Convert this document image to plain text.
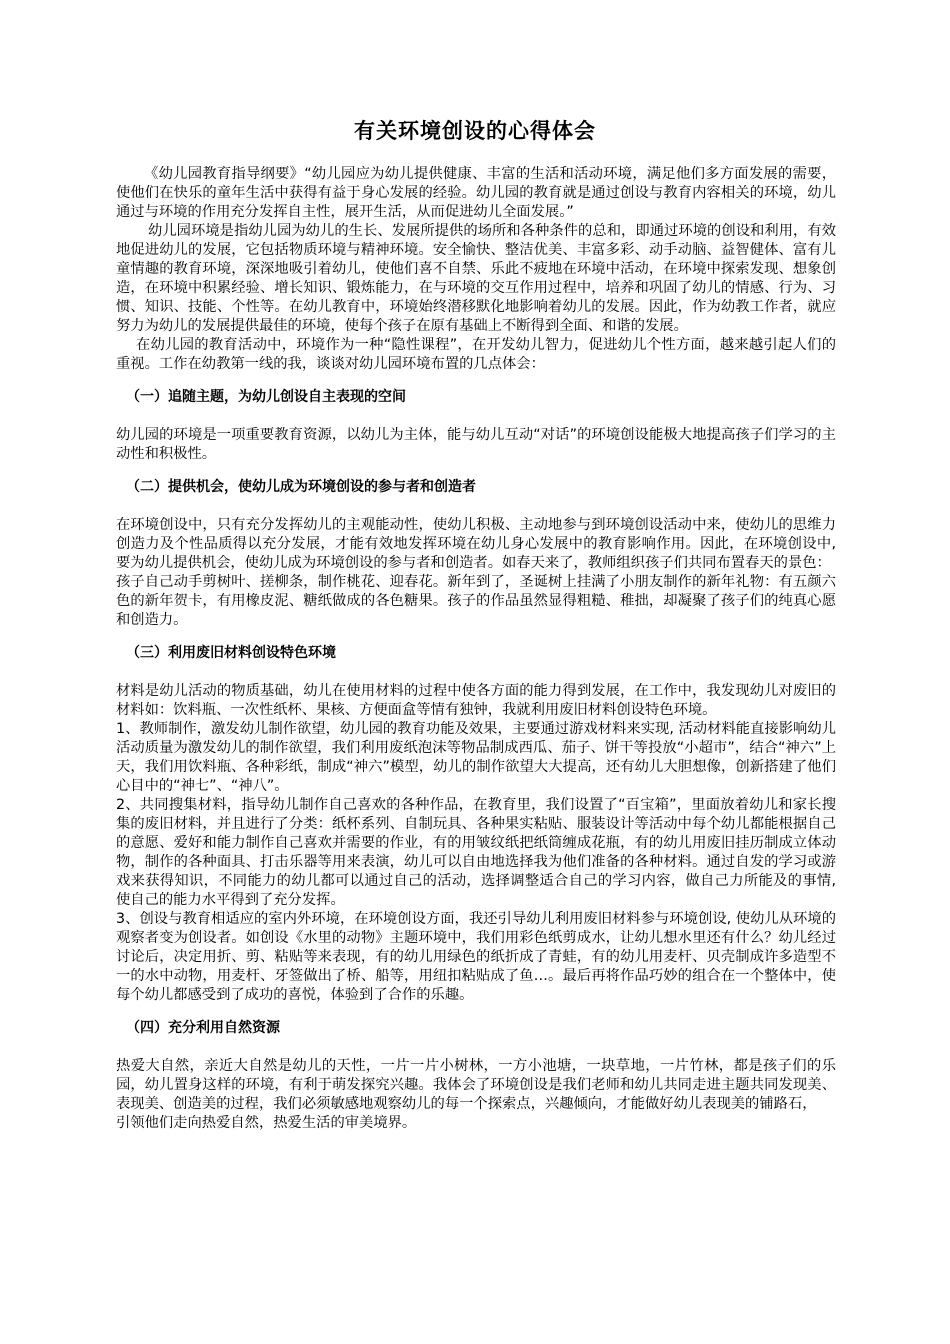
有关环境创设的心得体会

《幼儿园教育指导纲要》“幼儿园应为幼儿提供健康、丰富的生活和活动环境，满足他们多方面发展的需要，使他们在快乐的童年生活中获得有益于身心发展的经验。幼儿园的教育就是通过创设与教育内容相关的环境，幼儿通过与环境的作用充分发挥自主性，展开生活，从而促进幼儿全面发展。”

幼儿园环境是指幼儿园为幼儿的生长、发展所提供的场所和各种条件的总和，即通过环境的创设和利用，有效地促进幼儿的发展，它包括物质环境与精神环境。安全愉快、整洁优美、丰富多彩、动手动脑、益智健体、富有儿童情趣的教育环境，深深地吸引着幼儿，使他们喜不自禁、乐此不疲地在环境中活动，在环境中探索发现、想象创造，在环境中积累经验、增长知识、锻炼能力，在与环境的交互作用过程中，培养和巩固了幼儿的情感、行为、习惯、知识、技能、个性等。在幼儿教育中，环境始终潜移默化地影响着幼儿的发展。因此，作为幼教工作者，就应努力为幼儿的发展提供最佳的环境，使每个孩子在原有基础上不断得到全面、和谐的发展。

在幼儿园的教育活动中，环境作为一种“隐性课程”，在开发幼儿智力，促进幼儿个性方面，越来越引起人们的重视。工作在幼教第一线的我，谈谈对幼儿园环境布置的几点体会：

（一）追随主题，为幼儿创设自主表现的空间

幼儿园的环境是一项重要教育资源，以幼儿为主体，能与幼儿互动“对话”的环境创设能极大地提高孩子们学习的主动性和积极性。

（二）提供机会，使幼儿成为环境创设的参与者和创造者

在环境创设中，只有充分发挥幼儿的主观能动性，使幼儿积极、主动地参与到环境创设活动中来，使幼儿的思维力创造力及个性品质得以充分发展，才能有效地发挥环境在幼儿身心发展中的教育影响作用。因此，在环境创设中, 要为幼儿提供机会，使幼儿成为环境创设的参与者和创造者。如春天来了，教师组织孩子们共同布置春天的景色：

孩子自己动手剪树叶、搓柳条，制作桃花、迎春花。新年到了，圣诞树上挂满了小朋友制作的新年礼物：有五颜六色的新年贺卡，有用橡皮泥、糖纸做成的各色糖果。孩子的作品虽然显得粗糙、稚拙，却凝聚了孩子们的纯真心愿和创造力。

（三）利用废旧材料创设特色环境

材料是幼儿活动的物质基础，幼儿在使用材料的过程中使各方面的能力得到发展，在工作中，我发现幼儿对废旧的材料如：饮料瓶、一次性纸杯、果核、方便面盒等情有独钟，我就利用废旧材料创设特色环境。

1、教师制作，激发幼儿制作欲望，幼儿园的教育功能及效果，主要通过游戏材料来实现, 活动材料能直接影响幼儿活动质量为激发幼儿的制作欲望，我们利用废纸泡沫等物品制成西瓜、茄子、饼干等投放“小超市”，结合“神六”上天，我们用饮料瓶、各种彩纸，制成“神六”模型，幼儿的制作欲望大大提高，还有幼儿大胆想像，创新搭建了他们心目中的“神七”、“神八”。

2、共同搜集材料，指导幼儿制作自己喜欢的各种作品，在教育里，我们设置了“百宝箱”，里面放着幼儿和家长搜集的废旧材料，并且进行了分类：纸杯系列、自制玩具、各种果实粘贴、服装设计等活动中每个幼儿都能根据自己的意愿、爱好和能力制作自己喜欢并需要的作业，有的用皱纹纸把纸筒缠成花瓶，有的幼儿用废旧挂历制成立体动物，制作的各种面具、打击乐器等用来表演，幼儿可以自由地选择我为他们准备的各种材料。通过自发的学习或游戏来获得知识，不同能力的幼儿都可以通过自己的活动，选择调整适合自己的学习内容，做自己力所能及的事情, 使自己的能力水平得到了充分发挥。

3、创设与教育相适应的室内外环境，在环境创设方面，我还引导幼儿利用废旧材料参与环境创设, 使幼儿从环境的观察者变为创设者。如创设《水里的动物》主题环境中，我们用彩色纸剪成水，让幼儿想水里还有什么？幼儿经过讨论后，决定用折、剪、粘贴等来表现，有的幼儿用绿色的纸折成了青蛙，有的幼儿用麦杆、贝壳制成许多造型不一的水中动物，用麦杆、牙签做出了桥、船等，用纽扣粘贴成了鱼…。最后再将作品巧妙的组合在一个整体中，使每个幼儿都感受到了成功的喜悦，体验到了合作的乐趣。

（四）充分利用自然资源

热爱大自然，亲近大自然是幼儿的天性，一片一片小树林，一方小池塘，一块草地，一片竹林，都是孩子们的乐园，幼儿置身这样的环境，有利于萌发探究兴趣。我体会了环境创设是我们老师和幼儿共同走进主题共同发现美、表现美、创造美的过程，我们必须敏感地观察幼儿的每一个探索点，兴趣倾向，才能做好幼儿表现美的铺路石，

引领他们走向热爱自然，热爱生活的审美境界。
